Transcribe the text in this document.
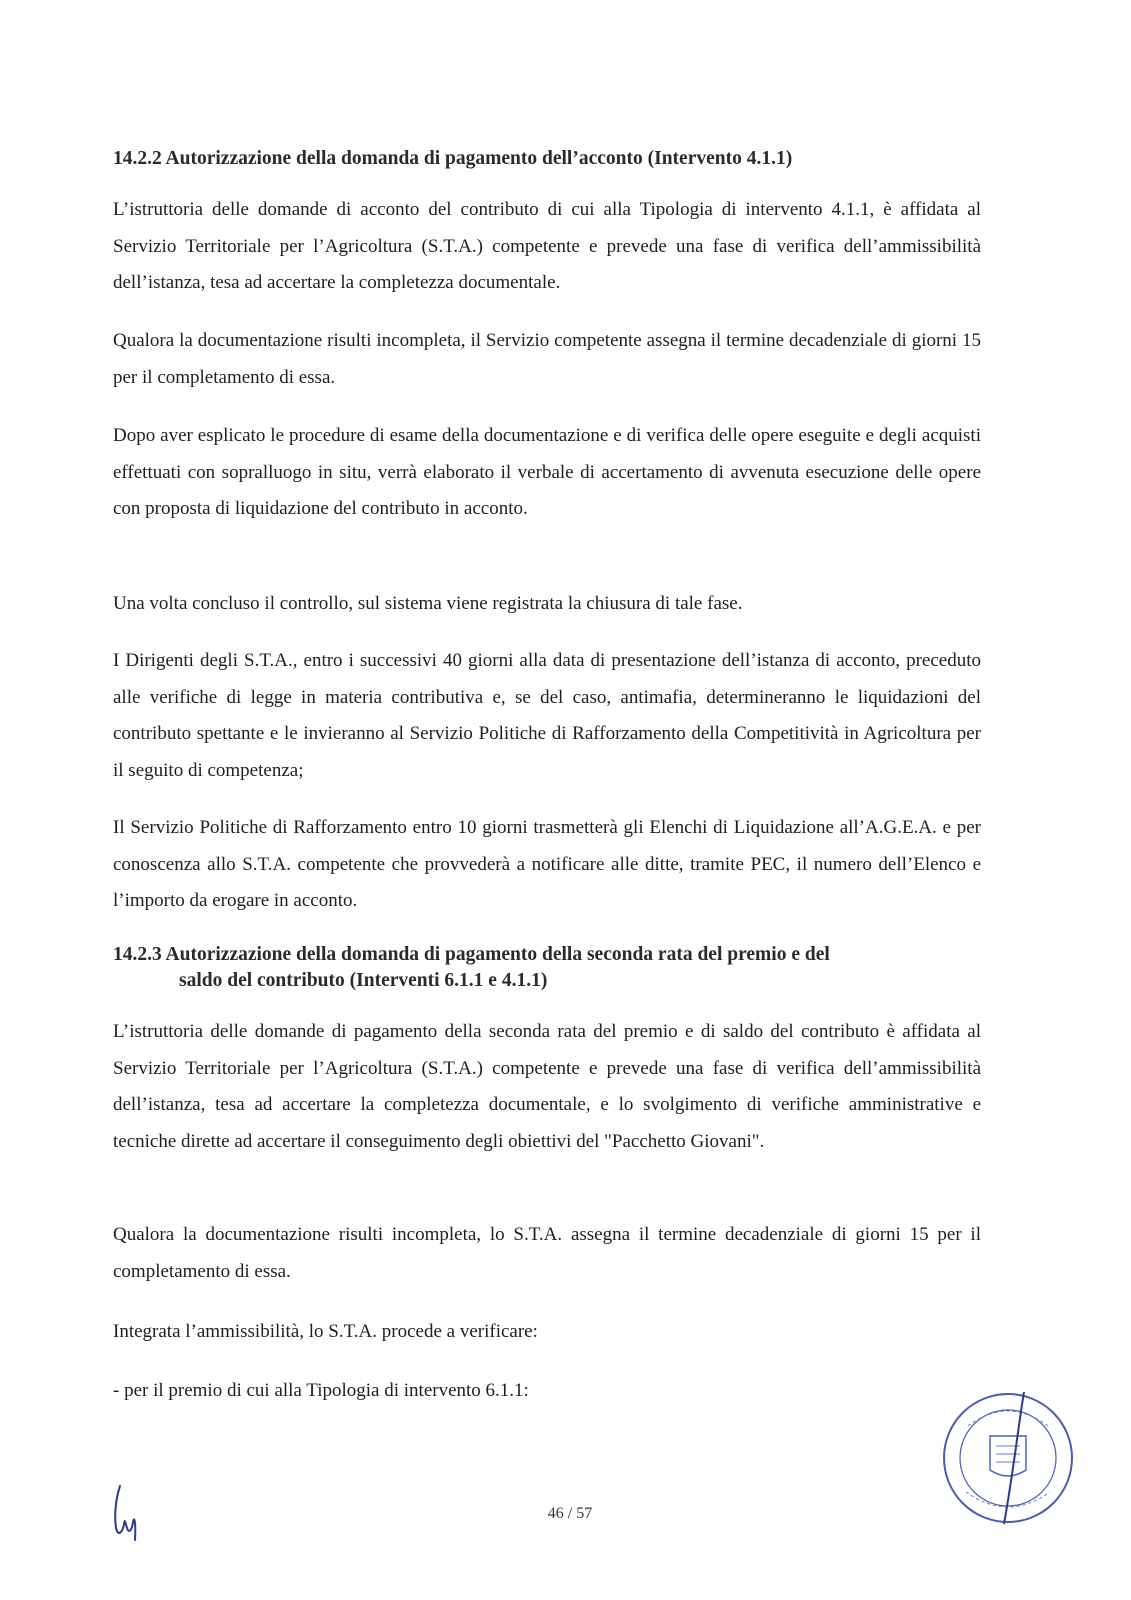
14.2.2 Autorizzazione della domanda di pagamento dell’acconto (Intervento 4.1.1)
L’istruttoria delle domande di acconto del contributo di cui alla Tipologia di intervento 4.1.1, è affidata al Servizio Territoriale per l’Agricoltura (S.T.A.) competente e prevede una fase di verifica dell’ammissibilità dell’istanza, tesa ad accertare la completezza documentale.
Qualora la documentazione risulti incompleta, il Servizio competente assegna il termine decadenziale di giorni 15 per il completamento di essa.
Dopo aver esplicato le procedure di esame della documentazione e di verifica delle opere eseguite e degli acquisti effettuati con sopralluogo in situ, verrà elaborato il verbale di accertamento di avvenuta esecuzione delle opere con proposta di liquidazione del contributo in acconto.
Una volta concluso il controllo, sul sistema viene registrata la chiusura di tale fase.
I Dirigenti degli S.T.A., entro i successivi 40 giorni alla data di presentazione dell’istanza di acconto, preceduto alle verifiche di legge in materia contributiva e, se del caso, antimafia, determineranno le liquidazioni del contributo spettante e le invieranno al Servizio Politiche di Rafforzamento della Competitività in Agricoltura per il seguito di competenza;
Il Servizio Politiche di Rafforzamento entro 10 giorni trasmetterà gli Elenchi di Liquidazione all’A.G.E.A. e per conoscenza allo S.T.A. competente che provvederà a notificare alle ditte, tramite PEC, il numero dell’Elenco e l’importo da erogare in acconto.
14.2.3 Autorizzazione della domanda di pagamento della seconda rata del premio e del
saldo del contributo (Interventi 6.1.1 e 4.1.1)
L’istruttoria delle domande di pagamento della seconda rata del premio e di saldo del contributo è affidata al Servizio Territoriale per l’Agricoltura (S.T.A.) competente e prevede una fase di verifica dell’ammissibilità dell’istanza, tesa ad accertare la completezza documentale, e lo svolgimento di verifiche amministrative e tecniche dirette ad accertare il conseguimento degli obiettivi del "Pacchetto Giovani".
Qualora la documentazione risulti incompleta, lo S.T.A. assegna il termine decadenziale di giorni 15 per il completamento di essa.
Integrata l’ammissibilità, lo S.T.A. procede a verificare:
- per il premio di cui alla Tipologia di intervento 6.1.1:
46 / 57
